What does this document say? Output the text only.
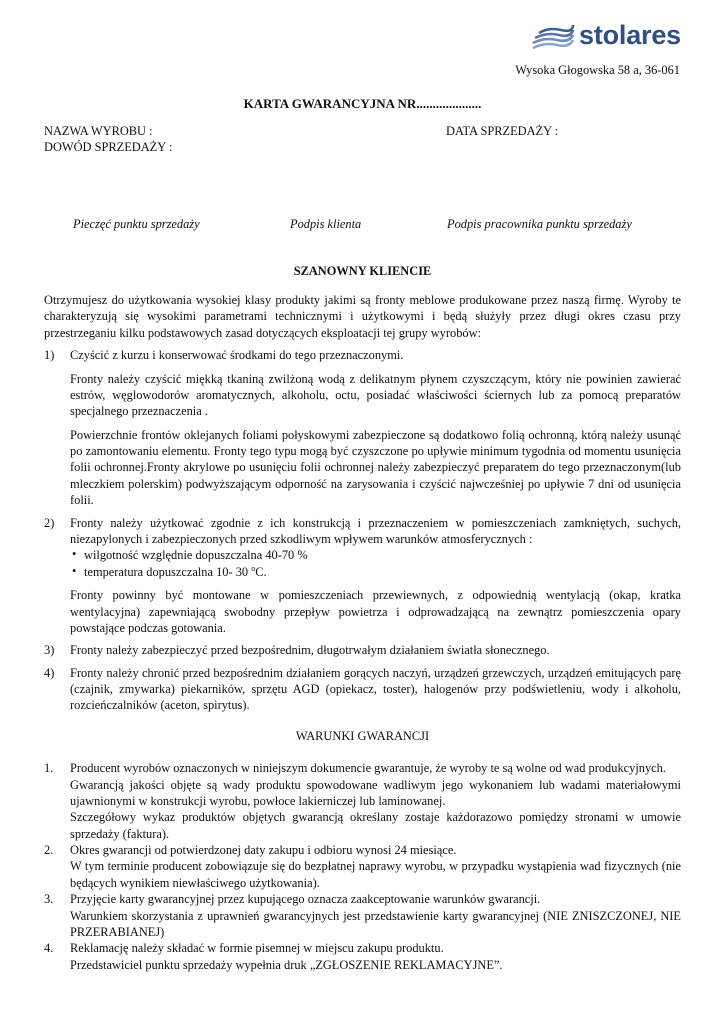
stolares
Wysoka Głogowska 58 a, 36-061
KARTA GWARANCYJNA NR....................
NAZWA WYROBU :	DATA SPRZEDAŻY :
DOWÓD SPRZEDAŻY :
Pieczęć punktu sprzedaży	Podpis klienta	Podpis pracownika punktu sprzedaży
SZANOWNY KLIENCIE

Otrzymujesz do użytkowania wysokiej klasy produkty jakimi są fronty meblowe produkowane przez naszą firmę. Wyroby te charakteryzują się wysokimi parametrami technicznymi i użytkowymi i będą służyły przez długi okres czasu przy przestrzeganiu kilku podstawowych zasad dotyczących eksploatacji tej grupy wyrobów:

1) Czyścić z kurzu i konserwować środkami do tego przeznaczonymi.

Fronty należy czyścić miękką tkaniną zwilżoną wodą z delikatnym płynem czyszczącym, który nie powinien zawierać estrów, węglowodorów aromatycznych, alkoholu, octu, posiadać właściwości ściernych lub za pomocą preparatów specjalnego przeznaczenia .

Powierzchnie frontów oklejanych foliami połyskowymi zabezpieczone są dodatkowo folią ochronną, którą należy usunąć po zamontowaniu elementu. Fronty tego typu mogą być czyszczone po upływie minimum tygodnia od momentu usunięcia folii ochronnej.Fronty akrylowe po usunięciu folii ochronnej należy zabezpieczyć preparatem do tego przeznaczonym(lub mleczkiem polerskim) podwyższającym odporność na zarysowania i czyścić najwcześniej po upływie 7 dni od usunięcia folii.

2) Fronty należy użytkować zgodnie z ich konstrukcją i przeznaczeniem w pomieszczeniach zamkniętych, suchych, niezapylonych i zabezpieczonych przed szkodliwym wpływem warunków atmosferycznych :

• wilgotność względnie dopuszczalna 40-70 %
• temperatura dopuszczalna 10- 30 $^o$C.

Fronty powinny być montowane w pomieszczeniach przewiewnych, z odpowiednią wentylacją (okap, kratka wentylacyjna) zapewniającą swobodny przepływ powietrza i odprowadzającą na zewnątrz pomieszczenia opary powstające podczas gotowania.

3) Fronty należy zabezpieczyć przed bezpośrednim, długotrwałym działaniem światła słonecznego.

4) Fronty należy chronić przed bezpośrednim działaniem gorących naczyń, urządzeń grzewczych, urządzeń emitujących parę (czajnik, zmywarka) piekarników, sprzętu AGD (opiekacz, toster), halogenów przy podświetleniu, wody i alkoholu, rozcieńczalników (aceton, spirytus).

WARUNKI GWARANCJI
1. Producent wyrobów oznaczonych w niniejszym dokumencie gwarantuje, że wyroby te są wolne od wad produkcyjnych.

Gwarancją jakości objęte są wady produktu spowodowane wadliwym jego wykonaniem lub wadami materiałowymi ujawnionymi w konstrukcji wyrobu, powłoce lakierniczej lub laminowanej.

Szczegółowy wykaz produktów objętych gwarancją określany zostaje każdorazowo pomiędzy stronami w umowie sprzedaży (faktura).

2. Okres gwarancji od potwierdzonej daty zakupu i odbioru wynosi 24 miesiące.

W tym terminie producent zobowiązuje się do bezpłatnej naprawy wyrobu, w przypadku wystąpienia wad fizycznych (nie będących wynikiem niewłaściwego użytkowania).

3. Przyjęcie karty gwarancyjnej przez kupującego oznacza zaakceptowanie warunków gwarancji.

Warunkiem skorzystania z uprawnień gwarancyjnych jest przedstawienie karty gwarancyjnej (NIE ZNISZCZONEJ, NIE PRZERABIANEJ)

4. Reklamację należy składać w formie pisemnej w miejscu zakupu produktu.

Przedstawiciel punktu sprzedaży wypełnia druk „ZGŁOSZENIE REKLAMACYJNE”.
